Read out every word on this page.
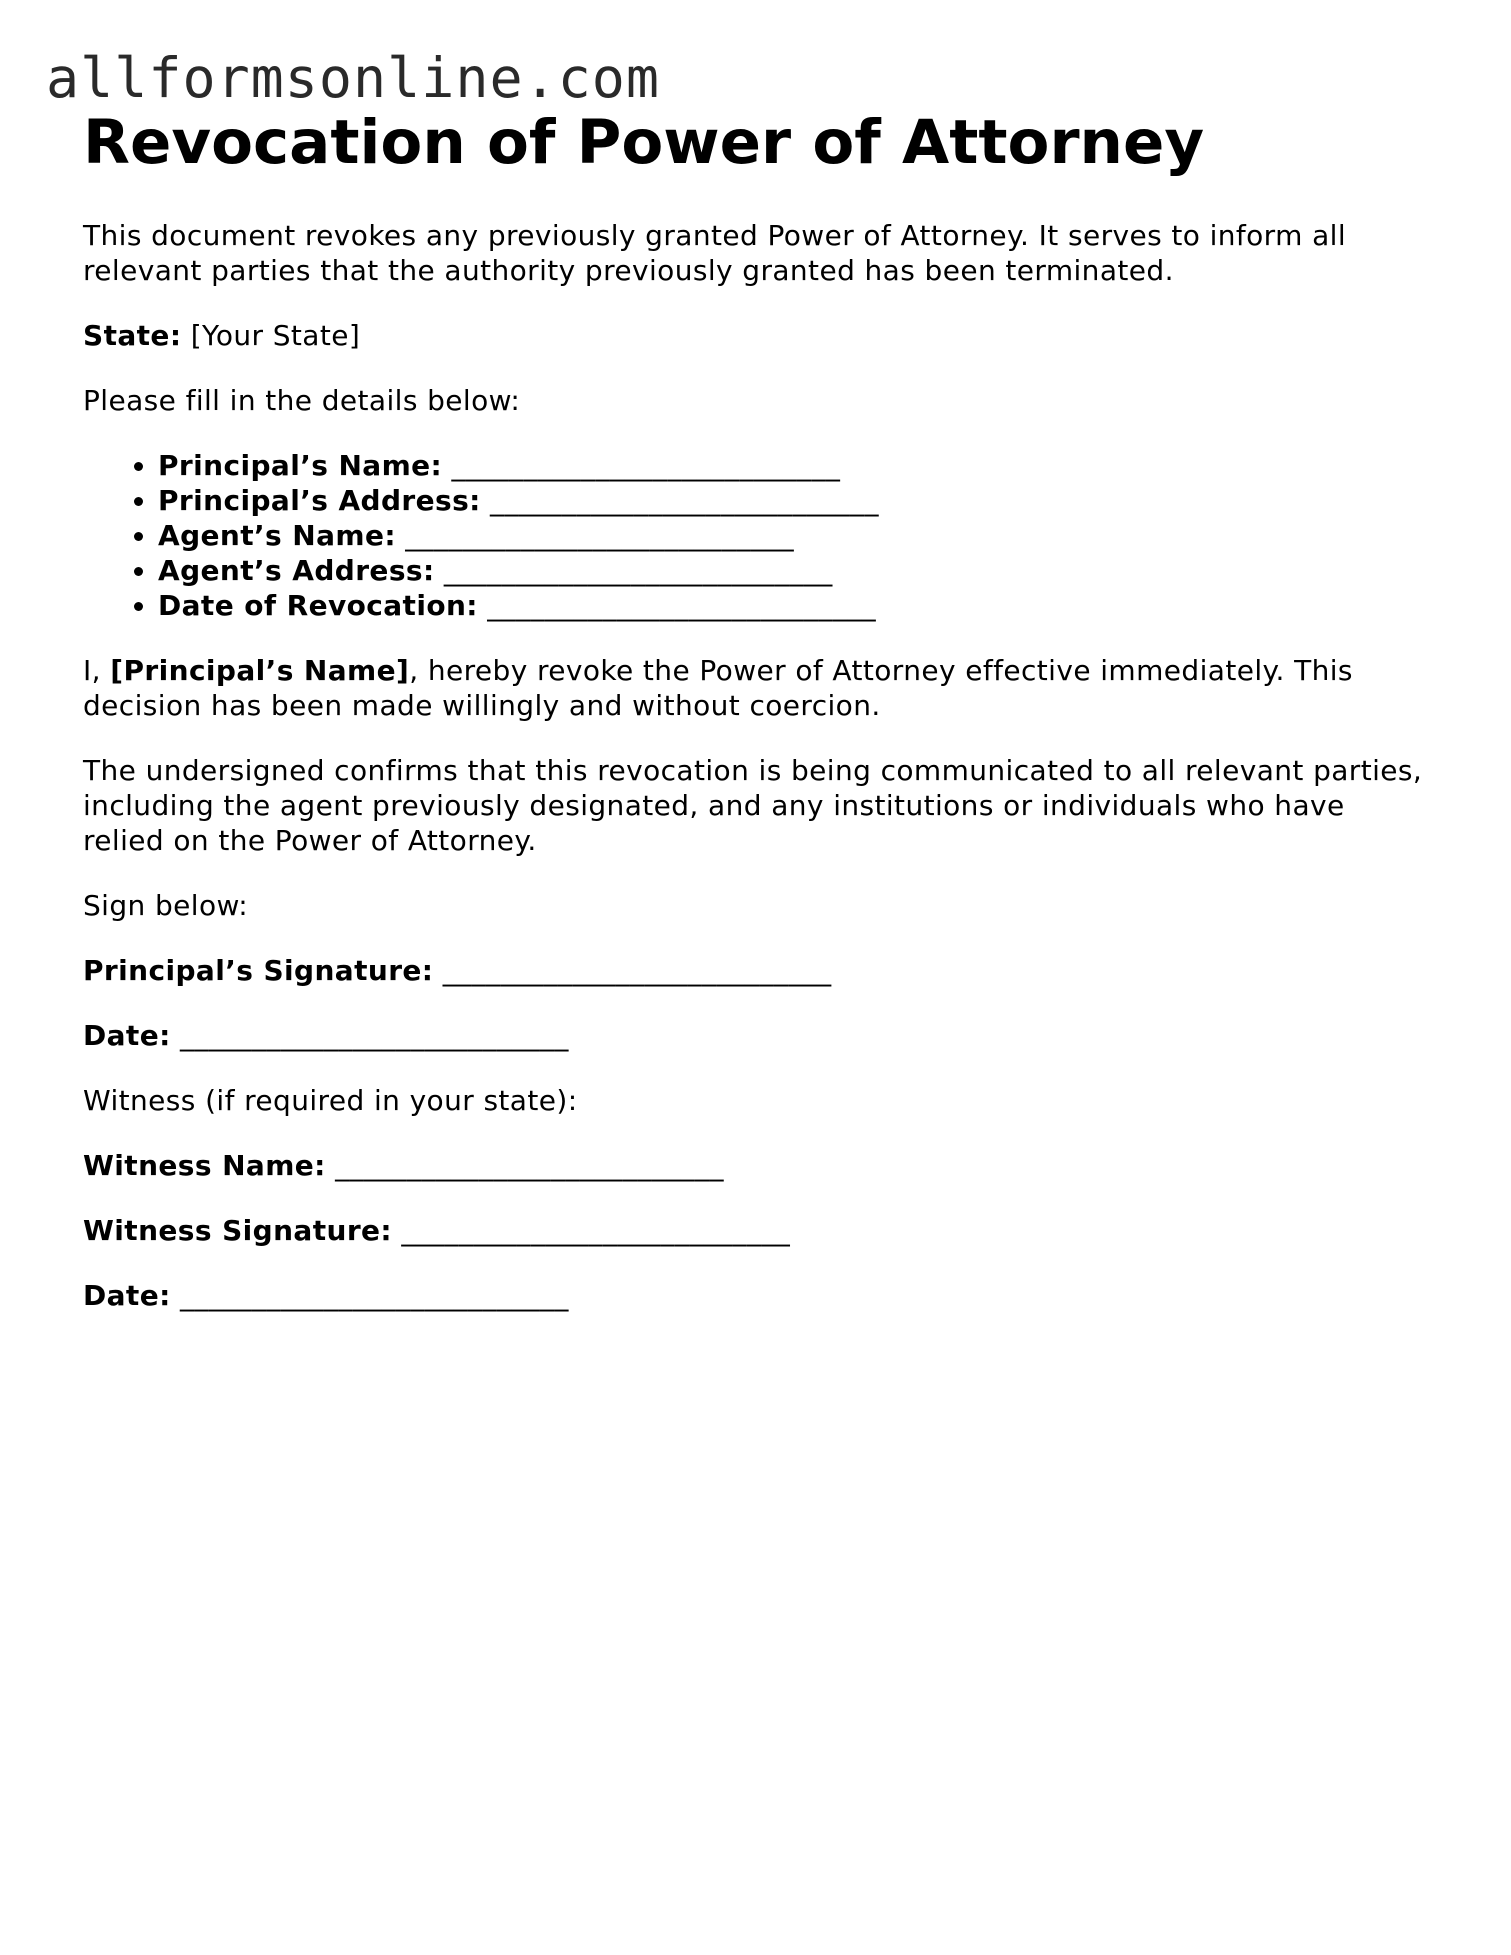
allformsonline.com
Revocation of Power of Attorney

This document revokes any previously granted Power of Attorney. It serves to inform all relevant parties that the authority previously granted has been terminated.

State: [Your State]

Please fill in the details below:

• Principal’s Name: ___________________________
• Principal’s Address: ___________________________
• Agent’s Name: ___________________________
• Agent’s Address: ___________________________
• Date of Revocation: ___________________________

I, [Principal’s Name], hereby revoke the Power of Attorney effective immediately. This decision has been made willingly and without coercion.

The undersigned confirms that this revocation is being communicated to all relevant parties, including the agent previously designated, and any institutions or individuals who have relied on the Power of Attorney.

Sign below:

Principal’s Signature: ___________________________

Date: ___________________________

Witness (if required in your state):

Witness Name: ___________________________

Witness Signature: ___________________________

Date: ___________________________
